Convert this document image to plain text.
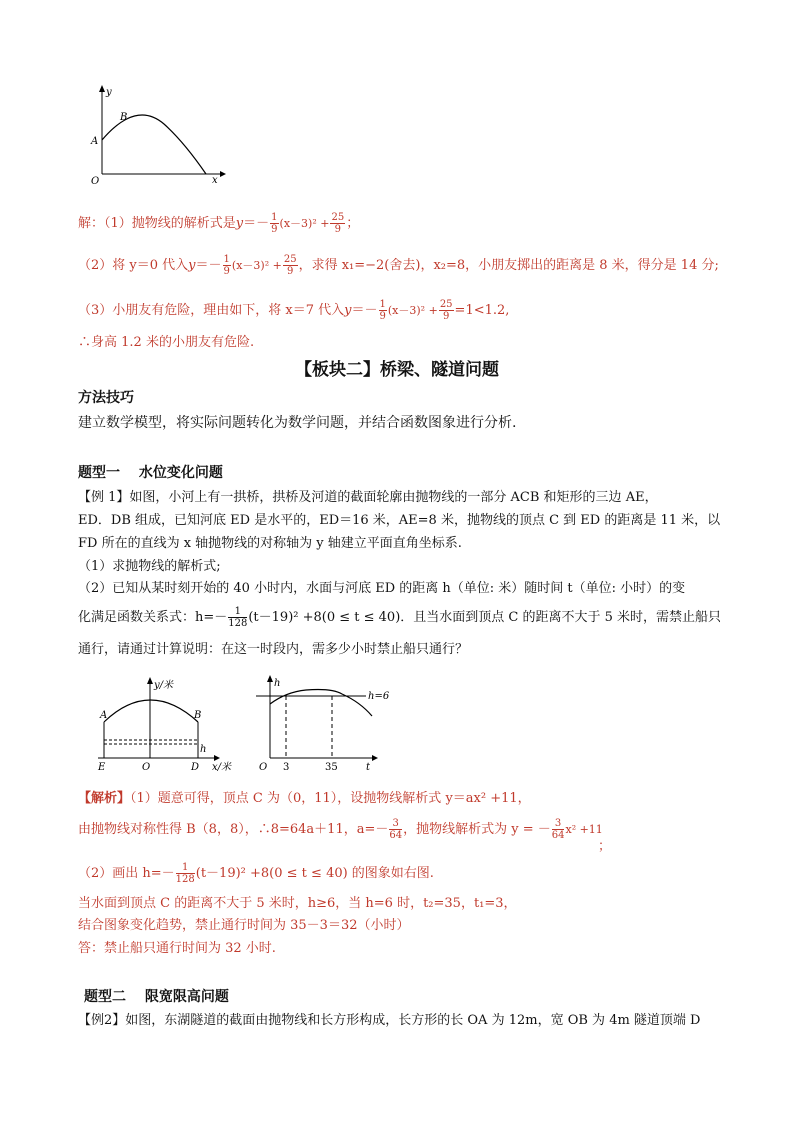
y
x
O
A
B
解：（1）抛物线的解析式是$y=- \frac{1}{9} (x-3)^2 + \frac{25}{9}$ ；
（2）将 y＝0 代入$y=- \frac{1}{9} (x-3)^2 + \frac{25}{9}$ ，求得 x₁=−2(舍去)，x₂=8，小朋友掷出的距离是 8 米，得分是 14 分;
（3）小朋友有危险，理由如下，将 x＝7 代入$y=- \frac{1}{9} (x-3)^2 + \frac{25}{9} =1<1.2$,
∴身高 1.2 米的小朋友有危险.
【板块二】桥梁、隧道问题
方法技巧
建立数学模型，将实际问题转化为数学问题，并结合函数图象进行分析.
题型一　 水位变化问题
【例 1】如图，小河上有一拱桥，拱桥及河道的截面轮廓由抛物线的一部分 ACB 和矩形的三边 AE，
ED．DB 组成，已知河底 ED 是水平的，ED＝16 米，AE=8 米，抛物线的顶点 C 到 ED 的距离是 11 米，以
FD 所在的直线为 x 轴抛物线的对称轴为 y 轴建立平面直角坐标系.
（1）求抛物线的解析式;
（2）已知从某时刻开始的 40 小时内，水面与河底 ED 的距离 h（单位: 米）随时间 t（单位: 小时）的变
化满足函数关系式：$h=- \frac{1}{128} (t-19)^2 +8(0 \le t \le 40)$．且当水面到顶点 C 的距离不大于 5 米时，需禁止船只
通行，请通过计算说明：在这一时段内，需多少小时禁止船只通行？
y/米
x/米
A	B
h
E	O	D
h
h=6
O 3	35	t
【解析】（1）题意可得，顶点 C 为（0，11），设抛物线解析式 y＝ax² +11，
由抛物线对称性得 B（8，8），∴8=64a＋11，$a=- \frac{3}{64}$ ，抛物线解析式为 y = － $\frac{3}{64} x^2 +11$
；
（2）画出 $h=- \frac{1}{128} (t-19)^2 +8(0 \le t \le 40)$ 的图象如右图.
当水面到顶点 C 的距离不大于 5 米时，h≥6，当 h=6 时，t₂=35，t₁=3，
结合图象变化趋势，禁止通行时间为 35－3＝32（小时）
答：禁止船只通行时间为 32 小时.
题型二　 限宽限高问题
【例2】如图，东湖隧道的截面由抛物线和长方形构成，长方形的长 OA 为 12m，宽 OB 为 4m 隧道顶端 D
